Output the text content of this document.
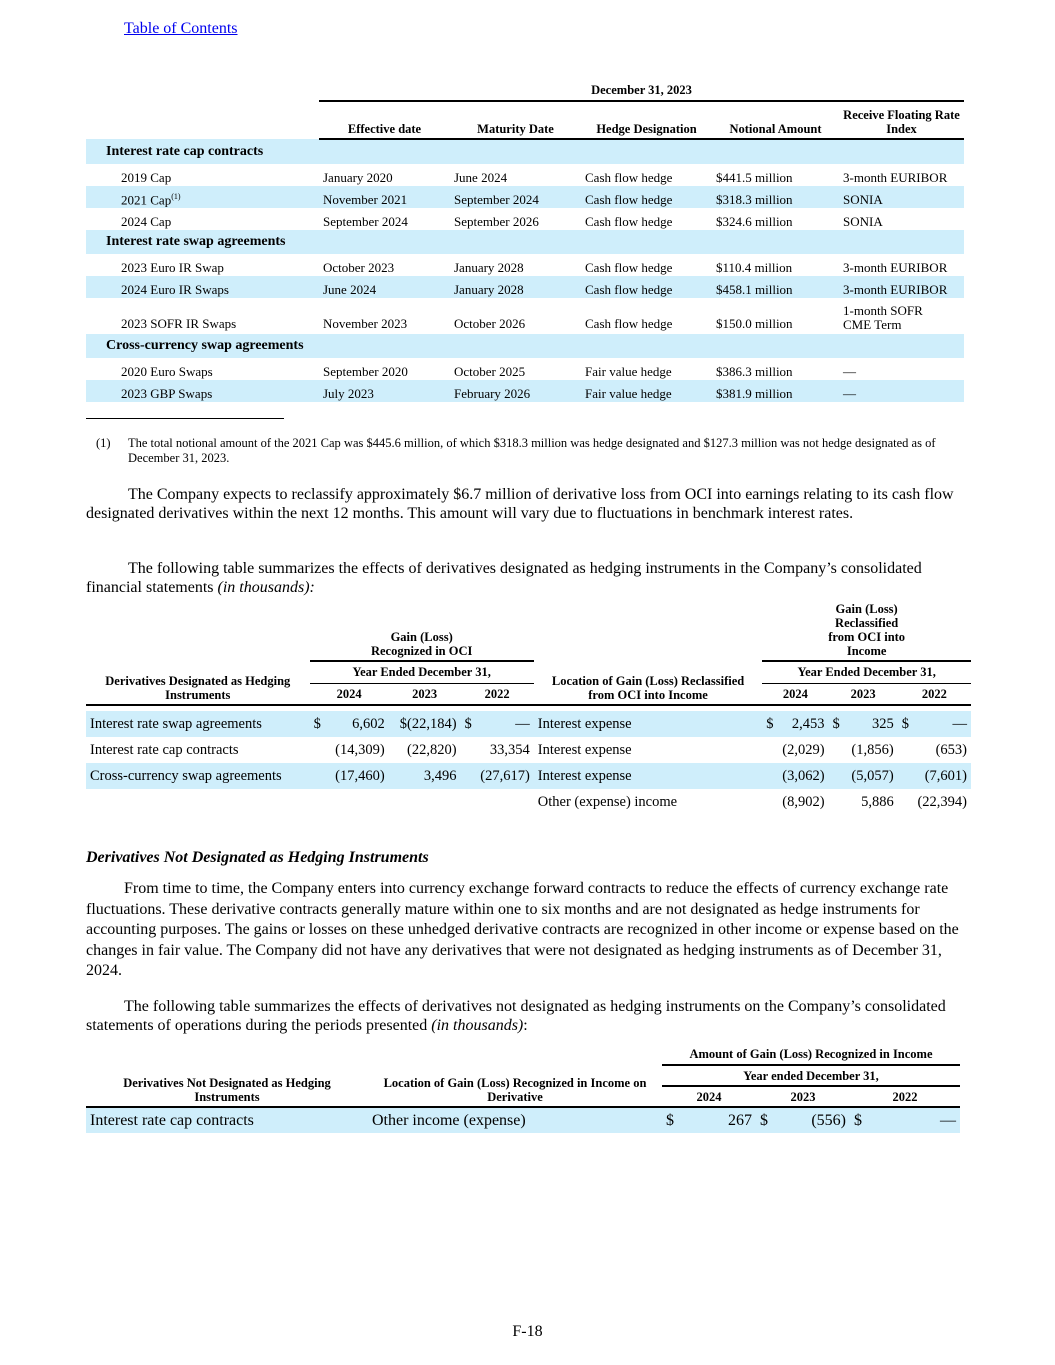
Table of Contents
	December 31, 2023				
	Effective date	Maturity Date	Hedge Designation	Notional Amount	Receive Floating Rate Index
Interest rate cap contracts					
2019 Cap	January 2020	June 2024	Cash flow hedge	$441.5 million	3-month EURIBOR
2021 Cap$^{(1)}$	November 2021	September 2024	Cash flow hedge	$318.3 million	SONIA
2024 Cap	September 2024	September 2026	Cash flow hedge	$324.6 million	SONIA
Interest rate swap agreements					
2023 Euro IR Swap	October 2023	January 2028	Cash flow hedge	$110.4 million	3-month EURIBOR
2024 Euro IR Swaps	June 2024	January 2028	Cash flow hedge	$458.1 million	3-month EURIBOR
2023 SOFR IR Swaps	November 2023	October 2026	Cash flow hedge	$150.0 million	1-month SOFR
CME Term

Cross-currency swap agreements					
2020 Euro Swaps	September 2020	October 2025	Fair value hedge	$386.3 million	—
2023 GBP Swaps	July 2023	February 2026	Fair value hedge	$381.9 million	—
(1) The total notional amount of the 2021 Cap was $445.6 million, of which $318.3 million was hedge designated and $127.3 million was not hedge designated as of December 31, 2023.
The Company expects to reclassify approximately $6.7 million of derivative loss from OCI into earnings relating to its cash flow designated derivatives within the next 12 months. This amount will vary due to fluctuations in benchmark interest rates.
The following table summarizes the effects of derivatives designated as hedging instruments in the Company’s consolidated financial statements (in thousands):

	Gain (Loss) Recognized in OCI						Gain (Loss) Reclassified from OCI into Income					

Derivatives Designated as Hedging Instruments	Year Ended December 31,					Location of Gain (Loss) Reclassified from OCI into Income	Year Ended December 31,					
	2024		2023	2022			2024		2023		2022	

Interest rate swap agreements	$	6,602	$(22,184)	$	—	Interest expense	$	2,453	$	325	$	—
Interest rate cap contracts		(14,309)	(22,820)		33,354	Interest expense		(2,029)		(1,856)		(653)
Cross-currency swap agreements		(17,460)	3,496		(27,617)	Interest expense		(3,062)		(5,057)		(7,601)
						Other (expense) income		(8,902)		5,886		(22,394)
Derivatives Not Designated as Hedging Instruments
From time to time, the Company enters into currency exchange forward contracts to reduce the effects of currency exchange rate fluctuations. These derivative contracts generally mature within one to six months and are not designated as hedge instruments for accounting purposes. The gains or losses on these unhedged derivative contracts are recognized in other income or expense based on the changes in fair value. The Company did not have any derivatives that were not designated as hedging instruments as of December 31, 2024.
The following table summarizes the effects of derivatives not designated as hedging instruments on the Company’s consolidated statements of operations during the periods presented (in thousands):
Derivatives Not Designated as Hedging Instruments	Location of Gain (Loss) Recognized in Income on Derivative	Amount of Gain (Loss) Recognized in Income					
		Year ended December 31,					
		2024		2023		2022	
Interest rate cap contracts	Other income (expense)	$	267	$	(556)	$	—
F-18
